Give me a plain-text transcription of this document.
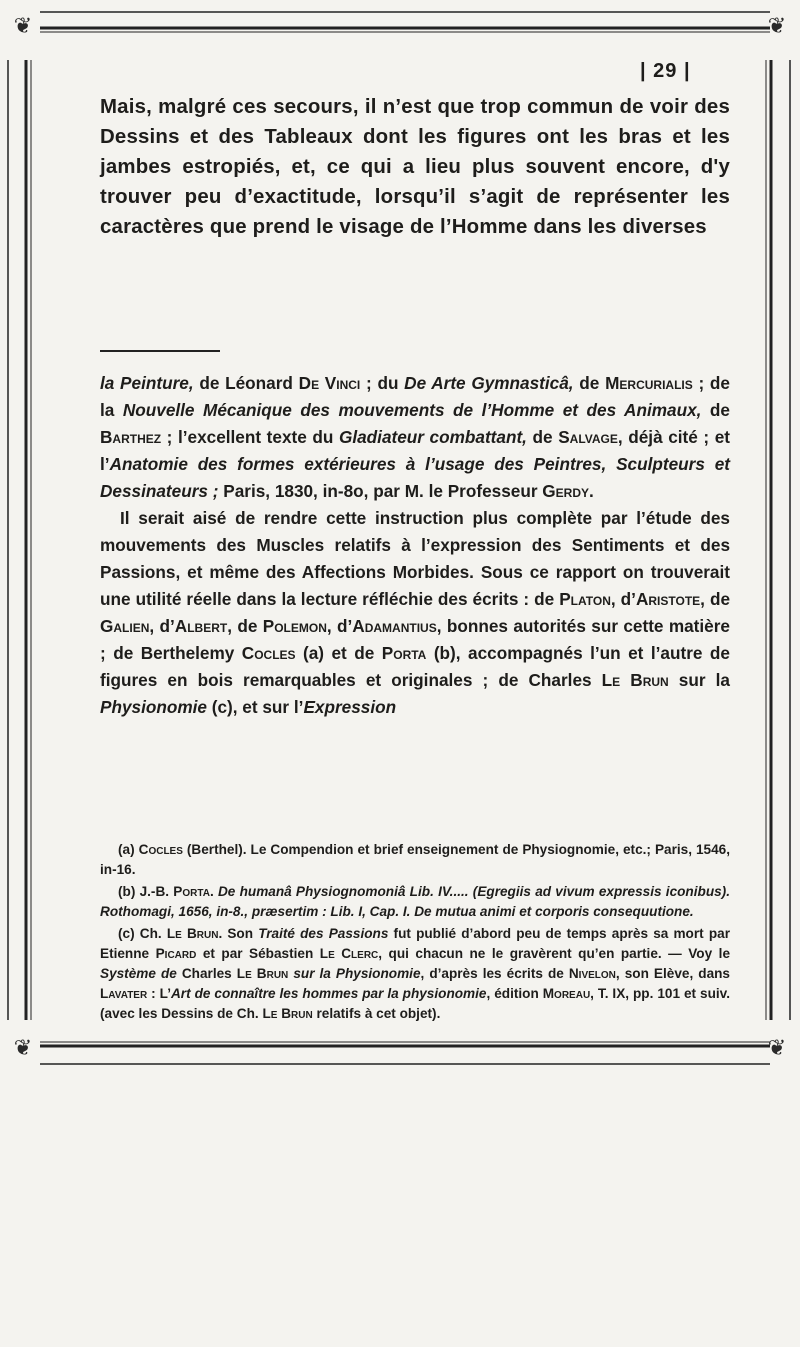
❦	❦
❦	❦
| 29 |
Mais, malgré ces secours, il n’est que trop commun de voir des Dessins et des Tableaux dont les figures ont les bras et les jambes estropiés, et, ce qui a lieu plus souvent encore, d'y trouver peu d’exactitude, lorsqu’il s’agit de représenter les caractères que prend le visage de l’Homme dans les diverses

la Peinture, de Léonard De Vinci ; du De Arte Gymnasticâ, de Mercurialis ; de la Nouvelle Mécanique des mouvements de l’Homme et des Animaux, de Barthez ; l’excellent texte du Gladiateur combattant, de Salvage, déjà cité ; et l’Anatomie des formes extérieures à l’usage des Peintres, Sculpteurs et Dessinateurs ; Paris, 1830, in-8o, par M. le Professeur Gerdy.

Il serait aisé de rendre cette instruction plus complète par l’étude des mouvements des Muscles relatifs à l’expression des Sentiments et des Passions, et même des Affections Morbides. Sous ce rapport on trouverait une utilité réelle dans la lecture réfléchie des écrits : de Platon, d’Aristote, de Galien, d’Albert, de Polemon, d’Adamantius, bonnes autorités sur cette matière ; de Berthelemy Cocles (a) et de Porta (b), accompagnés l’un et l’autre de figures en bois remarquables et originales ; de Charles Le Brun sur la Physionomie (c), et sur l’Expression

(a) Cocles (Berthel). Le Compendion et brief enseignement de Physiognomie, etc.; Paris, 1546, in-16.

(b) J.-B. Porta. De humanâ Physiognomoniâ Lib. IV..... (Egregiis ad vivum expressis iconibus). Rothomagi, 1656, in-8., præsertim : Lib. I, Cap. I. De mutua animi et corporis consequutione.

(c) Ch. Le Brun. Son Traité des Passions fut publié d’abord peu de temps après sa mort par Etienne Picard et par Sébastien Le Clerc, qui chacun ne le gravèrent qu’en partie. — Voy le Système de Charles Le Brun sur la Physionomie, d’après les écrits de Nivelon, son Elève, dans Lavater : L’Art de connaître les hommes par la physionomie, édition Moreau, T. IX, pp. 101 et suiv. (avec les Dessins de Ch. Le Brun relatifs à cet objet).
